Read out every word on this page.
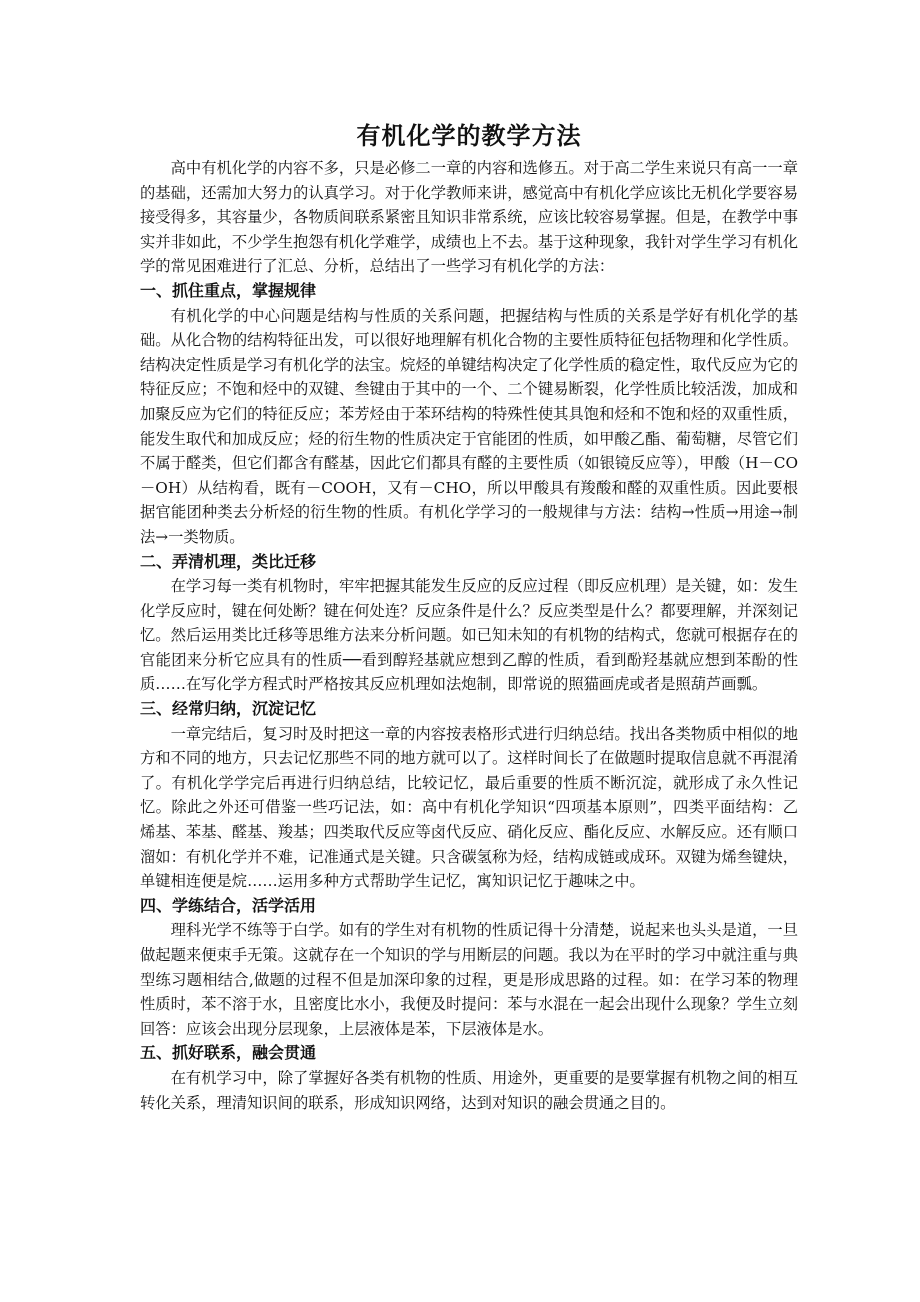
有机化学的教学方法

高中有机化学的内容不多，只是必修二一章的内容和选修五。对于高二学生来说只有高一一章的基础，还需加大努力的认真学习。对于化学教师来讲，感觉高中有机化学应该比无机化学要容易接受得多，其容量少，各物质间联系紧密且知识非常系统，应该比较容易掌握。但是，在教学中事实并非如此，不少学生抱怨有机化学难学，成绩也上不去。基于这种现象，我针对学生学习有机化学的常见困难进行了汇总、分析，总结出了一些学习有机化学的方法：

一、抓住重点，掌握规律

有机化学的中心问题是结构与性质的关系问题，把握结构与性质的关系是学好有机化学的基础。从化合物的结构特征出发，可以很好地理解有机化合物的主要性质特征包括物理和化学性质。结构决定性质是学习有机化学的法宝。烷烃的单键结构决定了化学性质的稳定性，取代反应为它的特征反应；不饱和烃中的双键、叁键由于其中的一个、二个键易断裂，化学性质比较活泼，加成和加聚反应为它们的特征反应；苯芳烃由于苯环结构的特殊性使其具饱和烃和不饱和烃的双重性质，能发生取代和加成反应；烃的衍生物的性质决定于官能团的性质，如甲酸乙酯、葡萄糖，尽管它们不属于醛类，但它们都含有醛基，因此它们都具有醛的主要性质（如银镜反应等），甲酸（H－CO－OH）从结构看，既有－COOH，又有－CHO，所以甲酸具有羧酸和醛的双重性质。因此要根据官能团种类去分析烃的衍生物的性质。有机化学学习的一般规律与方法：结构→性质→用途→制法→一类物质。

二、弄清机理，类比迁移

在学习每一类有机物时，牢牢把握其能发生反应的反应过程（即反应机理）是关键，如：发生化学反应时，键在何处断？键在何处连？反应条件是什么？反应类型是什么？都要理解，并深刻记忆。然后运用类比迁移等思维方法来分析问题。如已知未知的有机物的结构式，您就可根据存在的官能团来分析它应具有的性质──看到醇羟基就应想到乙醇的性质，看到酚羟基就应想到苯酚的性质……在写化学方程式时严格按其反应机理如法炮制，即常说的照猫画虎或者是照葫芦画瓢。

三、经常归纳，沉淀记忆

一章完结后，复习时及时把这一章的内容按表格形式进行归纳总结。找出各类物质中相似的地方和不同的地方，只去记忆那些不同的地方就可以了。这样时间长了在做题时提取信息就不再混淆了。有机化学学完后再进行归纳总结，比较记忆，最后重要的性质不断沉淀，就形成了永久性记忆。除此之外还可借鉴一些巧记法，如：高中有机化学知识“四项基本原则”，四类平面结构：乙烯基、苯基、醛基、羧基；四类取代反应等卤代反应、硝化反应、酯化反应、水解反应。还有顺口溜如：有机化学并不难，记准通式是关键。只含碳氢称为烃，结构成链或成环。双键为烯叁键炔，单键相连便是烷……运用多种方式帮助学生记忆，寓知识记忆于趣味之中。

四、学练结合，活学活用

理科光学不练等于白学。如有的学生对有机物的性质记得十分清楚，说起来也头头是道，一旦做起题来便束手无策。这就存在一个知识的学与用断层的问题。我以为在平时的学习中就注重与典型练习题相结合,做题的过程不但是加深印象的过程，更是形成思路的过程。如：在学习苯的物理性质时，苯不溶于水，且密度比水小，我便及时提问：苯与水混在一起会出现什么现象？学生立刻回答：应该会出现分层现象，上层液体是苯，下层液体是水。

五、抓好联系，融会贯通

在有机学习中，除了掌握好各类有机物的性质、用途外，更重要的是要掌握有机物之间的相互转化关系，理清知识间的联系，形成知识网络，达到对知识的融会贯通之目的。
